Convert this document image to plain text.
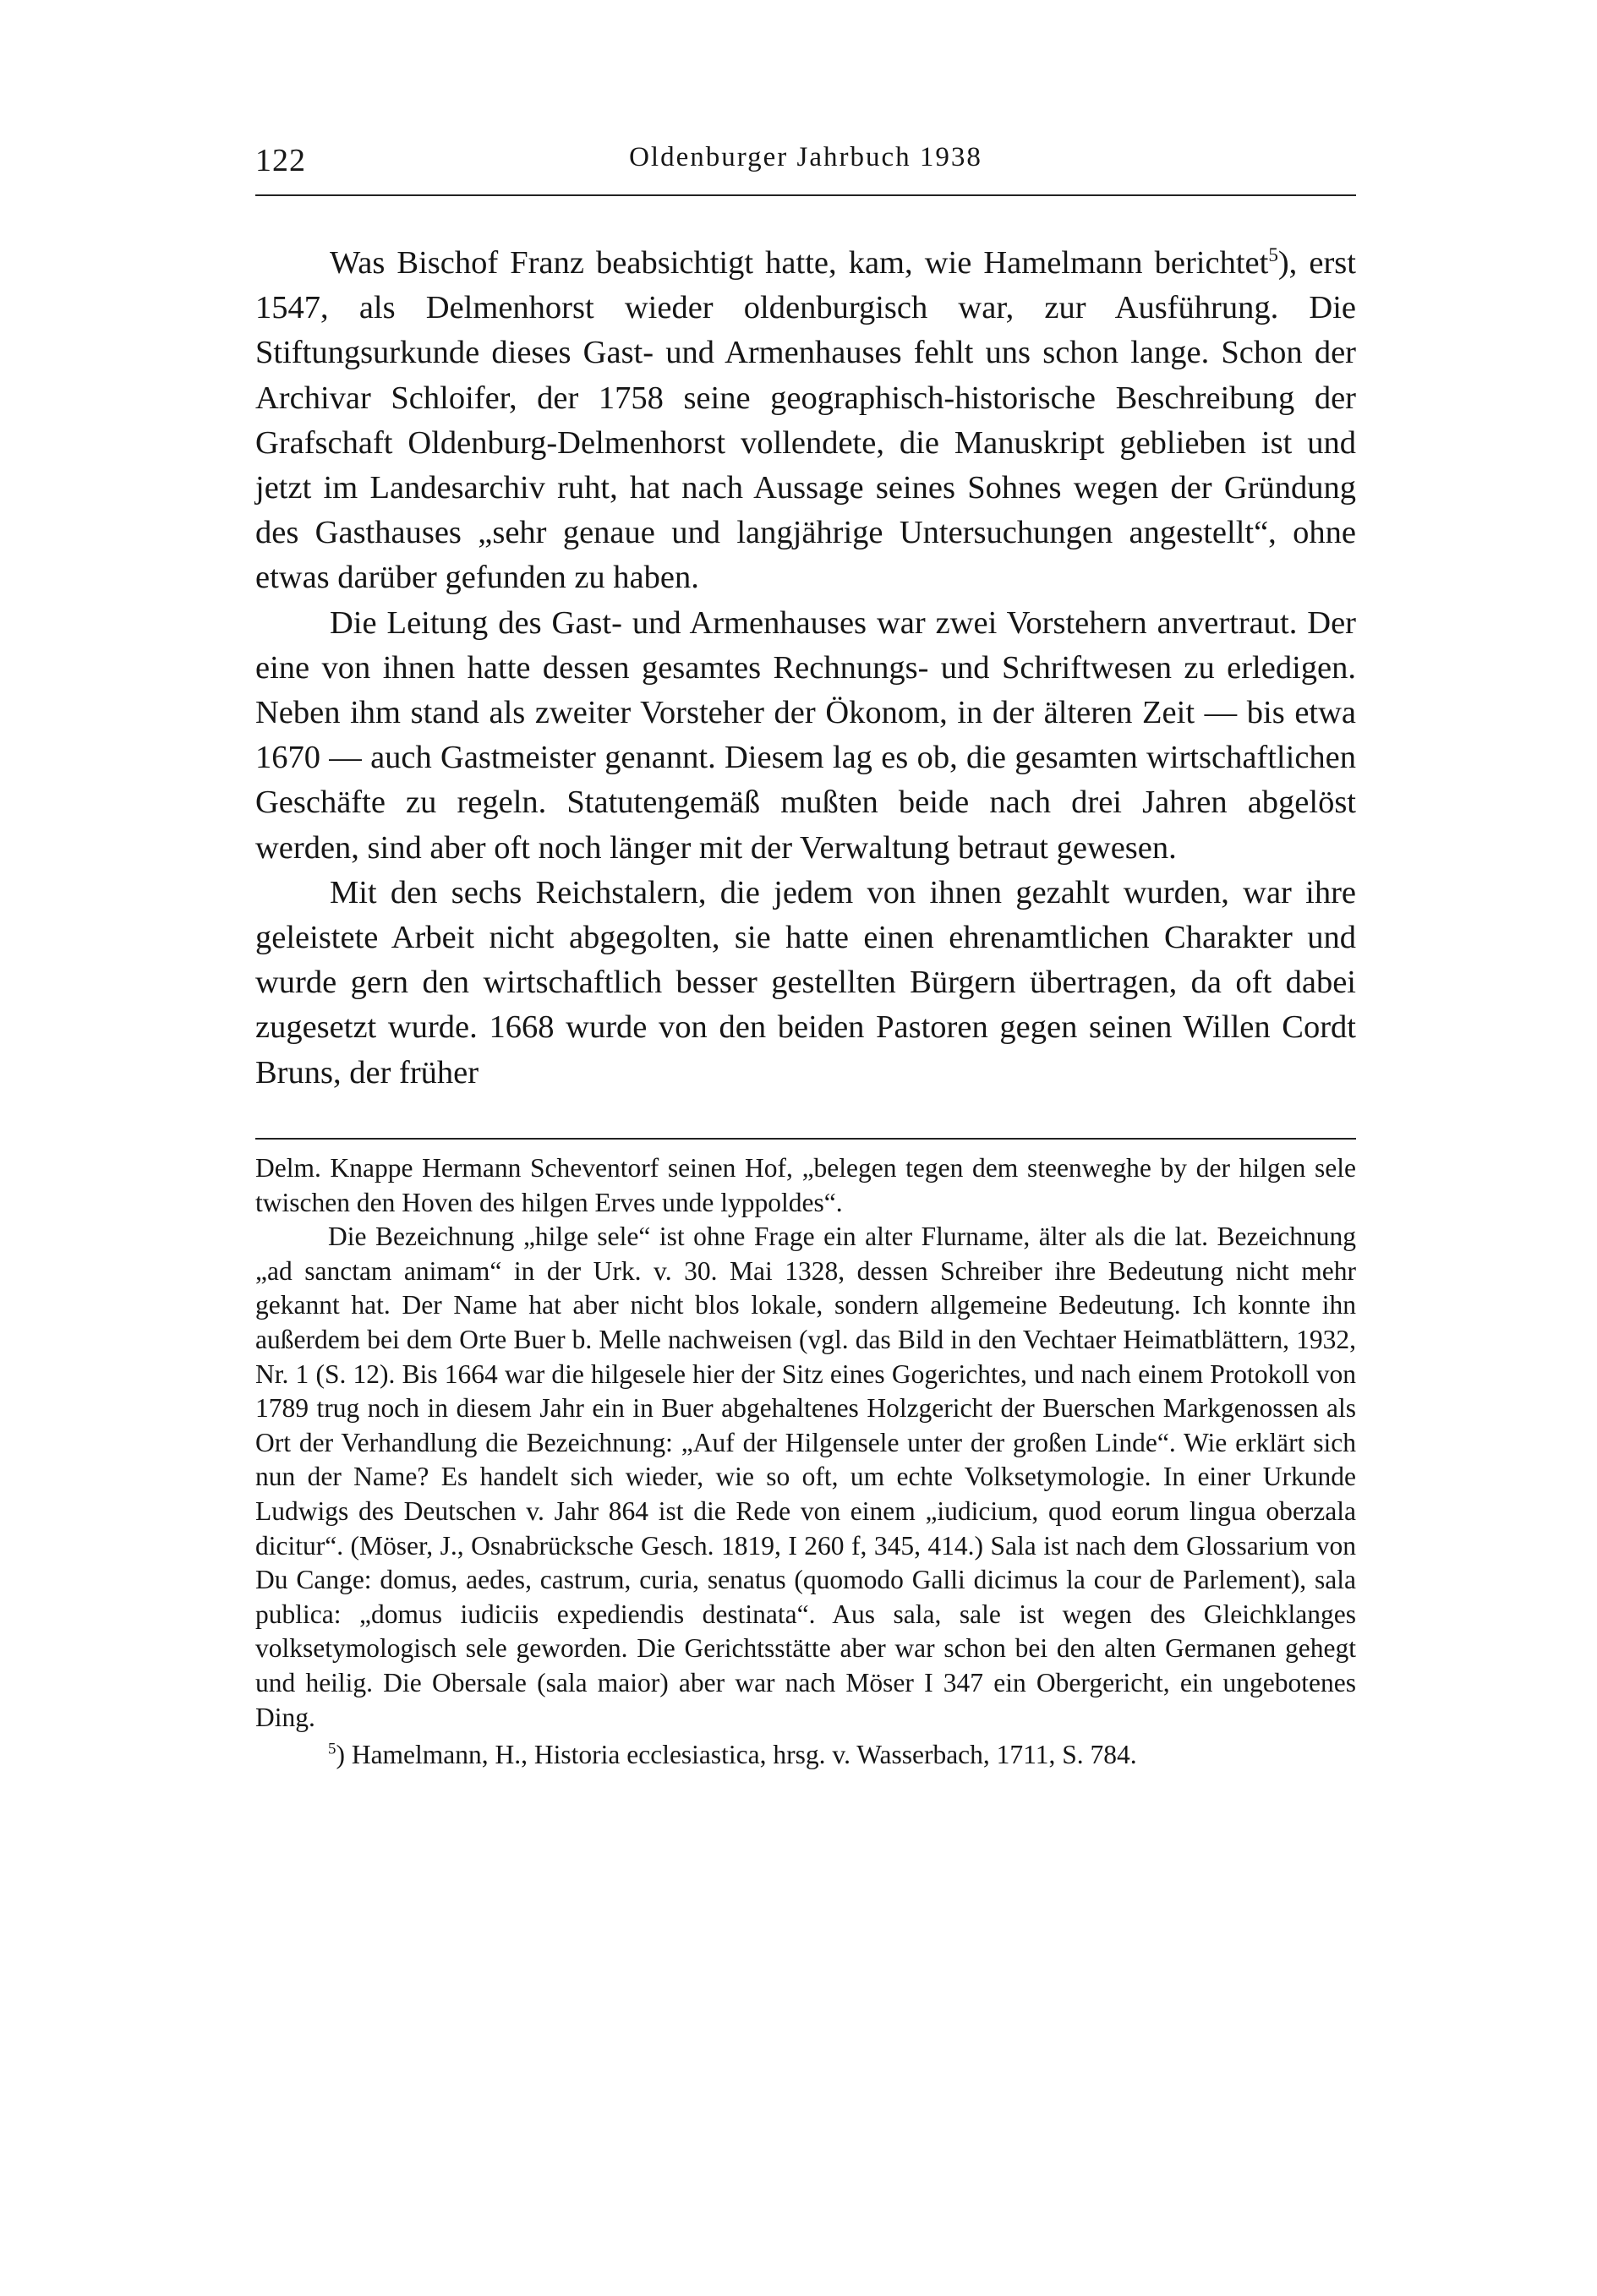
122	Oldenburger Jahrbuch 1938

Was Bischof Franz beabsichtigt hatte, kam, wie Hamelmann berichtet$^5$), erst 1547, als Delmenhorst wieder oldenburgisch war, zur Ausführung. Die Stiftungsurkunde dieses Gast- und Armenhauses fehlt uns schon lange. Schon der Archivar Schloifer, der 1758 seine geographisch-historische Beschreibung der Grafschaft Oldenburg-Delmenhorst vollendete, die Manuskript geblieben ist und jetzt im Landesarchiv ruht, hat nach Aussage seines Sohnes wegen der Gründung des Gasthauses „sehr genaue und langjährige Untersuchungen angestellt“, ohne etwas darüber gefunden zu haben.

Die Leitung des Gast- und Armenhauses war zwei Vorstehern anvertraut. Der eine von ihnen hatte dessen gesamtes Rechnungs- und Schriftwesen zu erledigen. Neben ihm stand als zweiter Vorsteher der Ökonom, in der älteren Zeit — bis etwa 1670 — auch Gastmeister genannt. Diesem lag es ob, die gesamten wirtschaftlichen Geschäfte zu regeln. Statutengemäß mußten beide nach drei Jahren abgelöst werden, sind aber oft noch länger mit der Verwaltung betraut gewesen.

Mit den sechs Reichstalern, die jedem von ihnen gezahlt wurden, war ihre geleistete Arbeit nicht abgegolten, sie hatte einen ehrenamtlichen Charakter und wurde gern den wirtschaftlich besser gestellten Bürgern übertragen, da oft dabei zugesetzt wurde. 1668 wurde von den beiden Pastoren gegen seinen Willen Cordt Bruns, der früher

Delm. Knappe Hermann Scheventorf seinen Hof, „belegen tegen dem steenweghe by der hilgen sele twischen den Hoven des hilgen Erves unde lyppoldes“.

Die Bezeichnung „hilge sele“ ist ohne Frage ein alter Flurname, älter als die lat. Bezeichnung „ad sanctam animam“ in der Urk. v. 30. Mai 1328, dessen Schreiber ihre Bedeutung nicht mehr gekannt hat. Der Name hat aber nicht blos lokale, sondern allgemeine Bedeutung. Ich konnte ihn außerdem bei dem Orte Buer b. Melle nachweisen (vgl. das Bild in den Vechtaer Heimatblättern, 1932, Nr. 1 (S. 12). Bis 1664 war die hilgesele hier der Sitz eines Gogerichtes, und nach einem Protokoll von 1789 trug noch in diesem Jahr ein in Buer abgehaltenes Holzgericht der Buerschen Markgenossen als Ort der Verhandlung die Bezeichnung: „Auf der Hilgensele unter der großen Linde“. Wie erklärt sich nun der Name? Es handelt sich wieder, wie so oft, um echte Volksetymologie. In einer Urkunde Ludwigs des Deutschen v. Jahr 864 ist die Rede von einem „iudicium, quod eorum lingua oberzala dicitur“. (Möser, J., Osnabrücksche Gesch. 1819, I 260 f, 345, 414.) Sala ist nach dem Glossarium von Du Cange: domus, aedes, castrum, curia, senatus (quomodo Galli dicimus la cour de Parlement), sala publica: „domus iudiciis expediendis destinata“. Aus sala, sale ist wegen des Gleichklanges volksetymologisch sele geworden. Die Gerichtsstätte aber war schon bei den alten Germanen gehegt und heilig. Die Obersale (sala maior) aber war nach Möser I 347 ein Obergericht, ein ungebotenes Ding.

$^5$) Hamelmann, H., Historia ecclesiastica, hrsg. v. Wasserbach, 1711, S. 784.
